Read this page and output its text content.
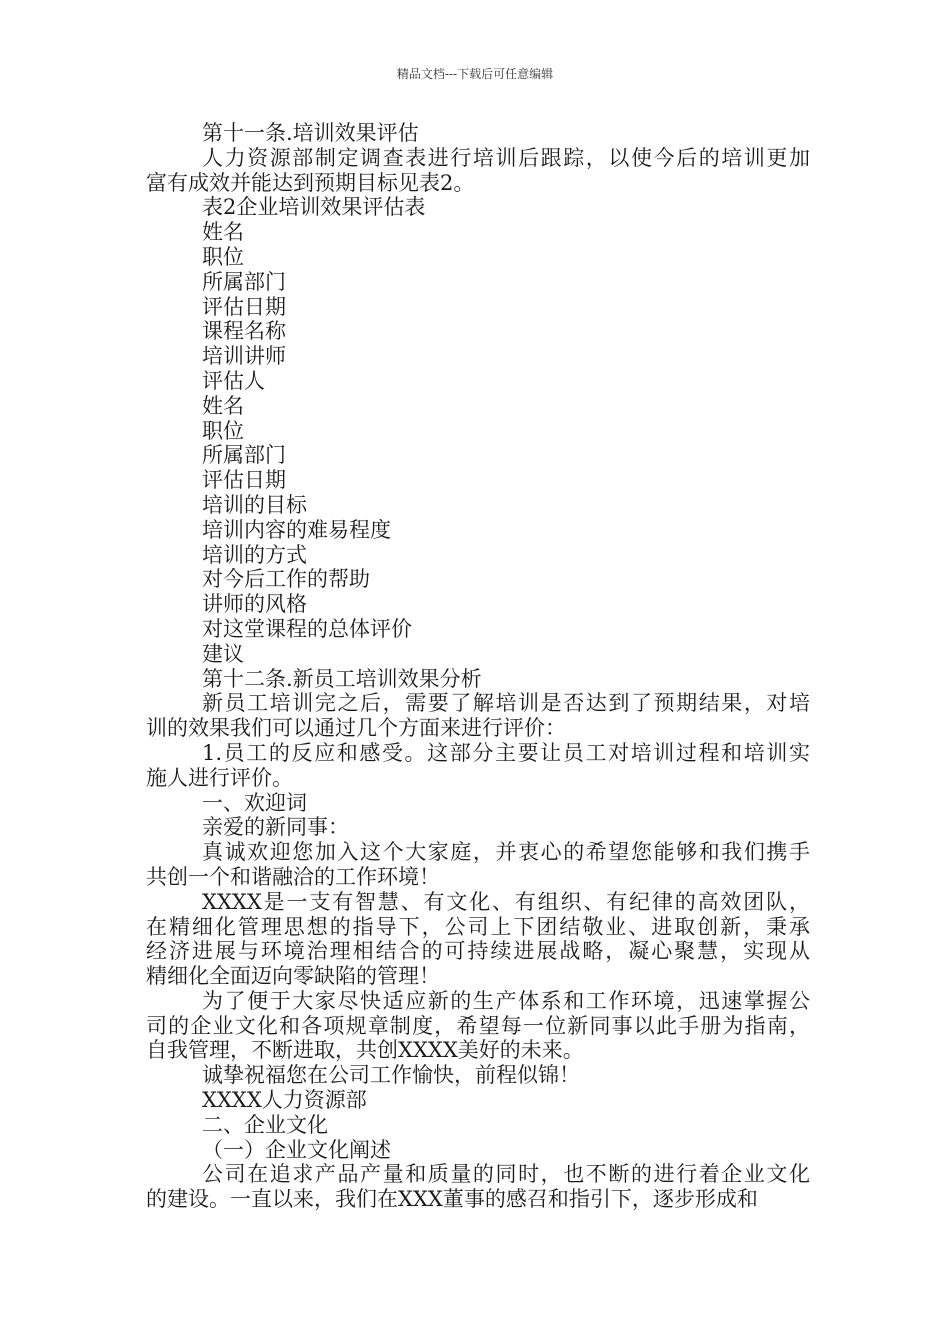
精品文档---下载后可任意编辑

第十一条.培训效果评估

人力资源部制定调查表进行培训后跟踪，以使今后的培训更加

富有成效并能达到预期目标见表2。

表2企业培训效果评估表

姓名

职位

所属部门

评估日期

课程名称

培训讲师

评估人

姓名

职位

所属部门

评估日期

培训的目标

培训内容的难易程度

培训的方式

对今后工作的帮助

讲师的风格

对这堂课程的总体评价

建议

第十二条.新员工培训效果分析

新员工培训完之后，需要了解培训是否达到了预期结果，对培

训的效果我们可以通过几个方面来进行评价：

1.员工的反应和感受。这部分主要让员工对培训过程和培训实

施人进行评价。

一、欢迎词

亲爱的新同事：

真诚欢迎您加入这个大家庭，并衷心的希望您能够和我们携手

共创一个和谐融洽的工作环境！

XXXX是一支有智慧、有文化、有组织、有纪律的高效团队，

在精细化管理思想的指导下，公司上下团结敬业、进取创新，秉承

经济进展与环境治理相结合的可持续进展战略，凝心聚慧，实现从

精细化全面迈向零缺陷的管理！

为了便于大家尽快适应新的生产体系和工作环境，迅速掌握公

司的企业文化和各项规章制度，希望每一位新同事以此手册为指南，

自我管理，不断进取，共创XXXX美好的未来。

诚挚祝福您在公司工作愉快，前程似锦！

XXXX人力资源部

二、企业文化

（一）企业文化阐述

公司在追求产品产量和质量的同时，也不断的进行着企业文化

的建设。一直以来，我们在XXX董事的感召和指引下，逐步形成和
